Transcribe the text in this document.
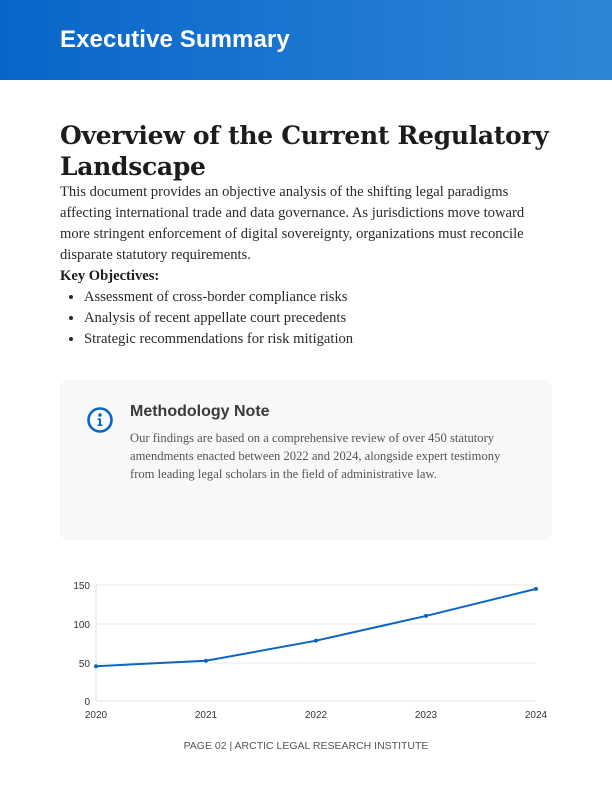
Executive Summary
Overview of the Current Regulatory Landscape

This document provides an objective analysis of the shifting legal paradigms affecting international trade and data governance. As jurisdictions move toward more stringent enforcement of digital sovereignty, organizations must reconcile disparate statutory requirements.

Key Objectives:
• Assessment of cross-border compliance risks
• Analysis of recent appellate court precedents
• Strategic recommendations for risk mitigation
Methodology Note
Our findings are based on a comprehensive review of over 450 statutory amendments enacted between 2022 and 2024, alongside expert testimony from leading legal scholars in the field of administrative law.
0
50
100
150
2020	2021	2022	2023	2024
PAGE 02 | ARCTIC LEGAL RESEARCH INSTITUTE
